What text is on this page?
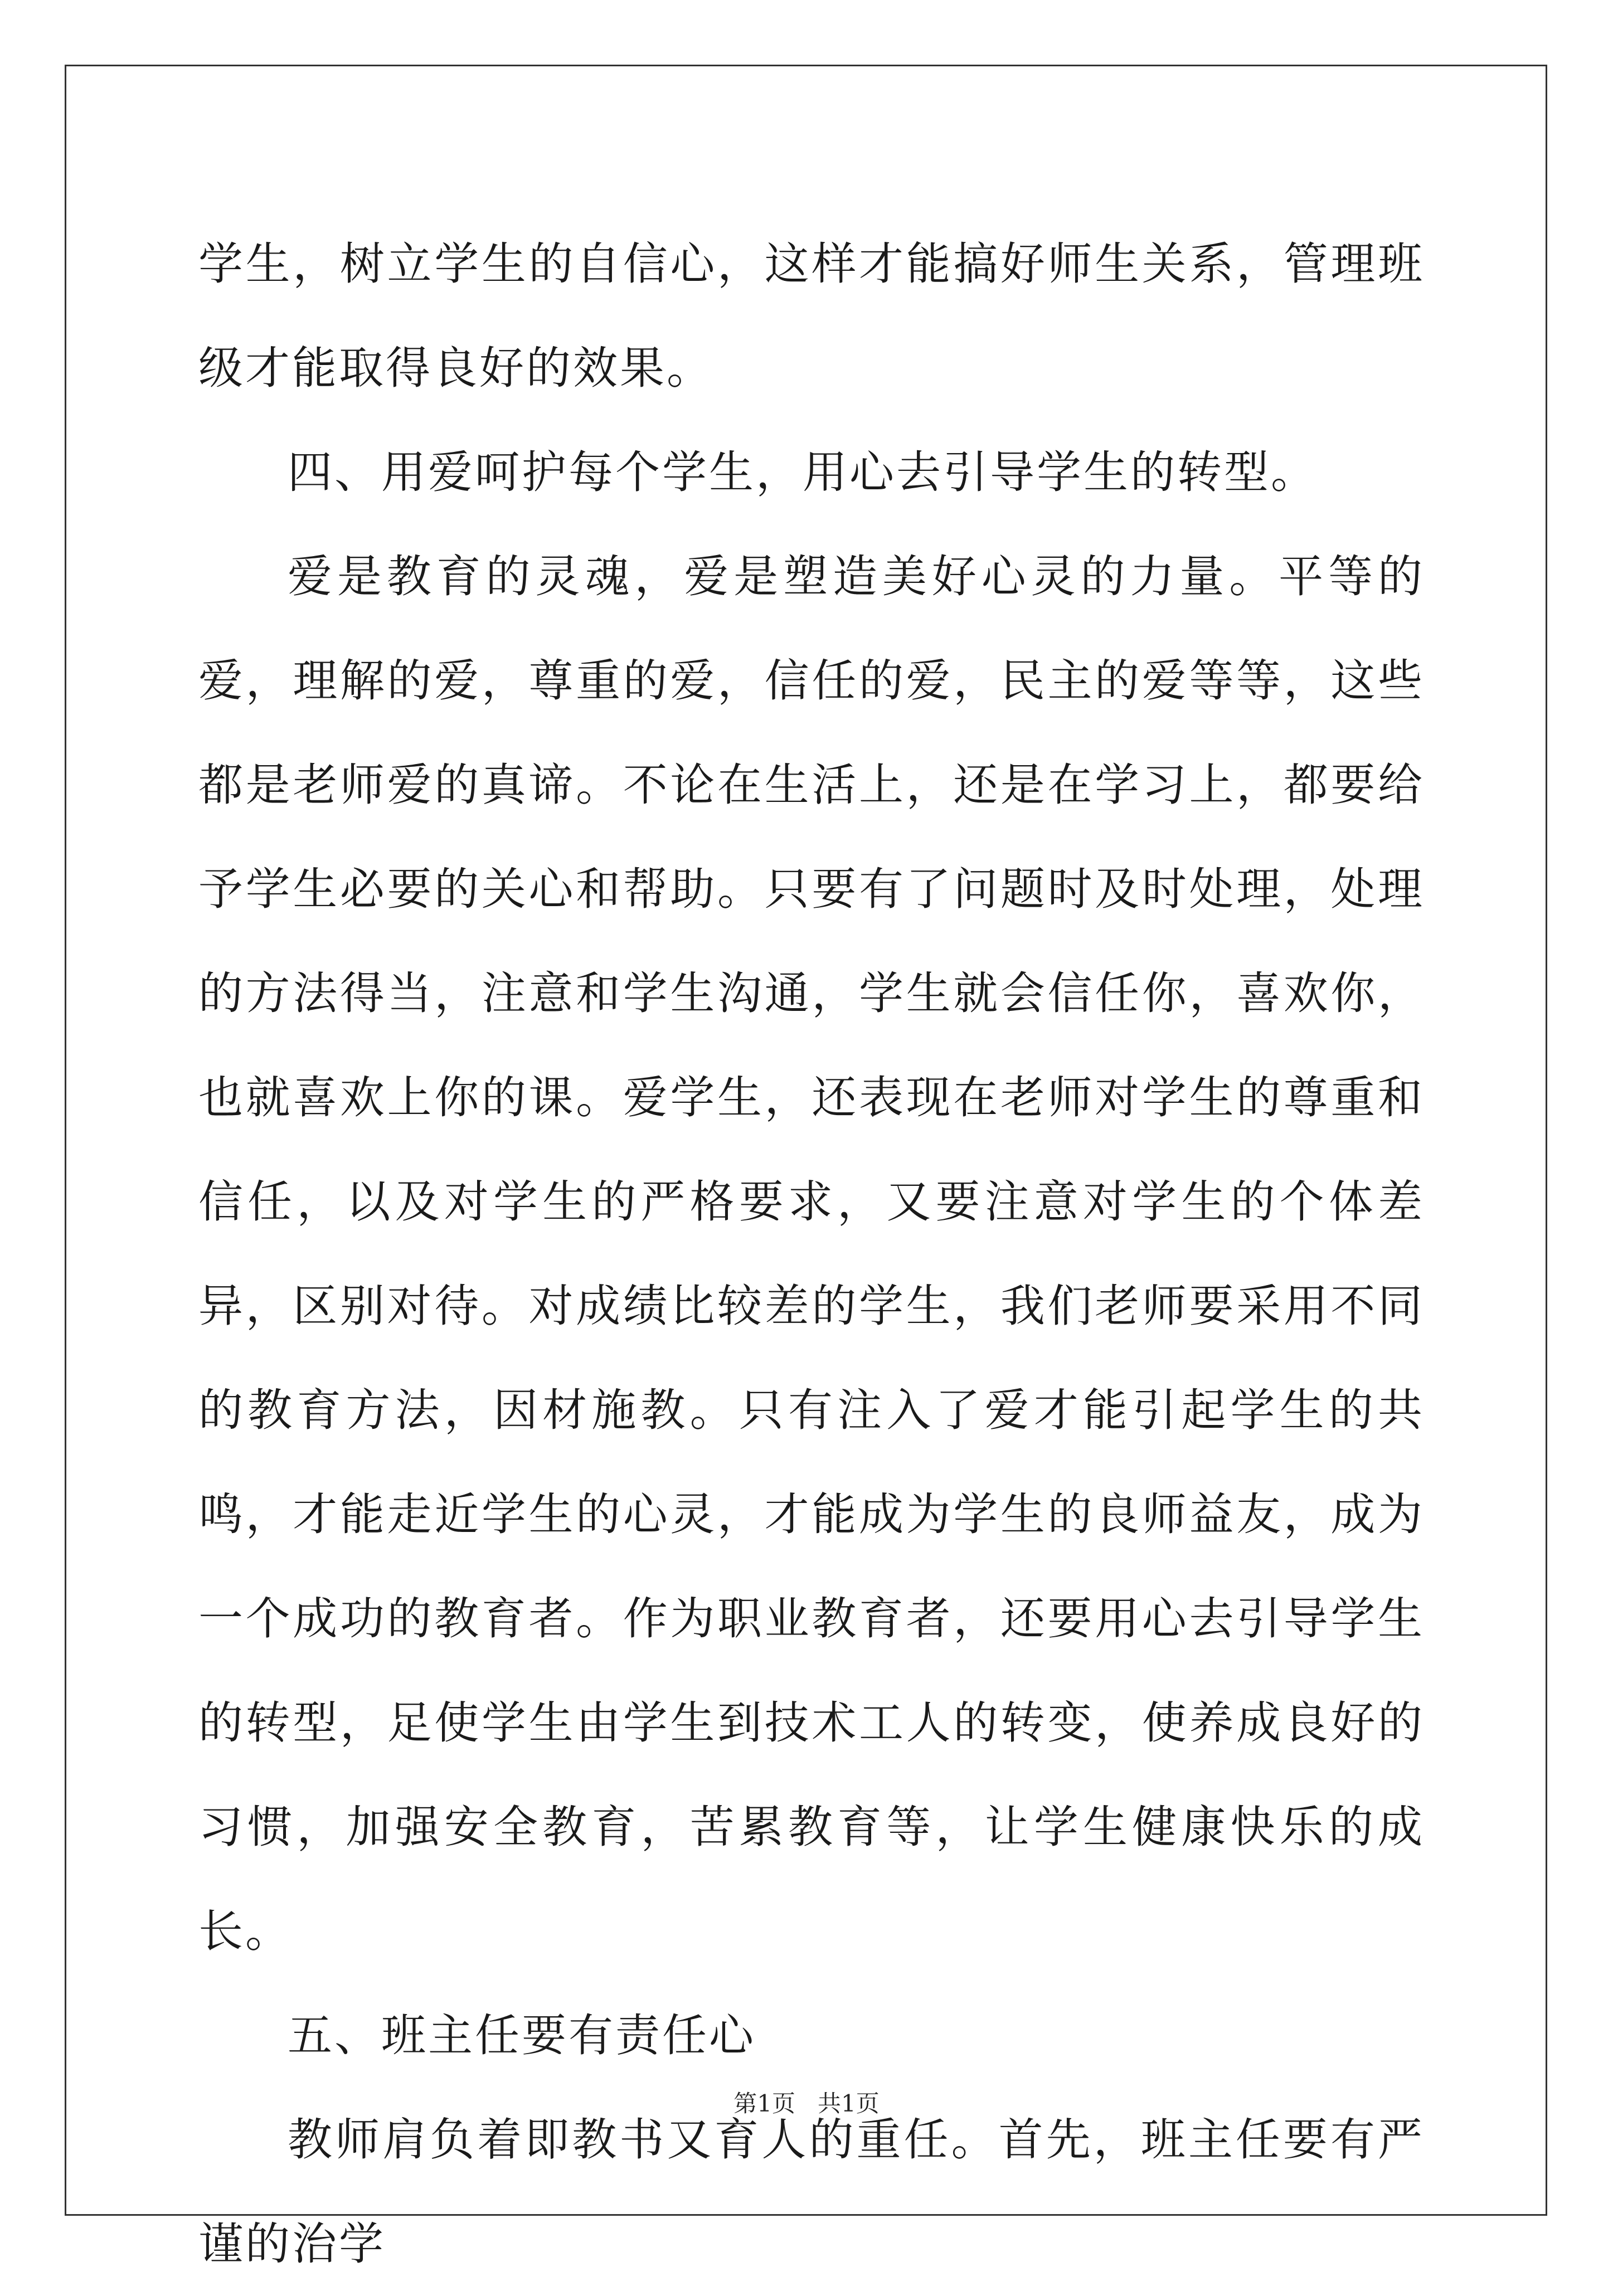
学生，树立学生的自信心，这样才能搞好师生关系，管理班级才能取得良好的效果。

四、用爱呵护每个学生，用心去引导学生的转型。

爱是教育的灵魂，爱是塑造美好心灵的力量。平等的爱，理解的爱，尊重的爱，信任的爱，民主的爱等等，这些都是老师爱的真谛。不论在生活上，还是在学习上，都要给予学生必要的关心和帮助。只要有了问题时及时处理，处理的方法得当，注意和学生沟通，学生就会信任你，喜欢你，也就喜欢上你的课。爱学生，还表现在老师对学生的尊重和信任，以及对学生的严格要求，又要注意对学生的个体差异，区别对待。对成绩比较差的学生，我们老师要采用不同的教育方法，因材施教。只有注入了爱才能引起学生的共鸣，才能走近学生的心灵，才能成为学生的良师益友，成为一个成功的教育者。作为职业教育者，还要用心去引导学生的转型，足使学生由学生到技术工人的转变，使养成良好的习惯，加强安全教育，苦累教育等，让学生健康快乐的成长。

五、班主任要有责任心

教师肩负着即教书又育人的重任。首先，班主任要有严谨的治学

第1页 共1页
